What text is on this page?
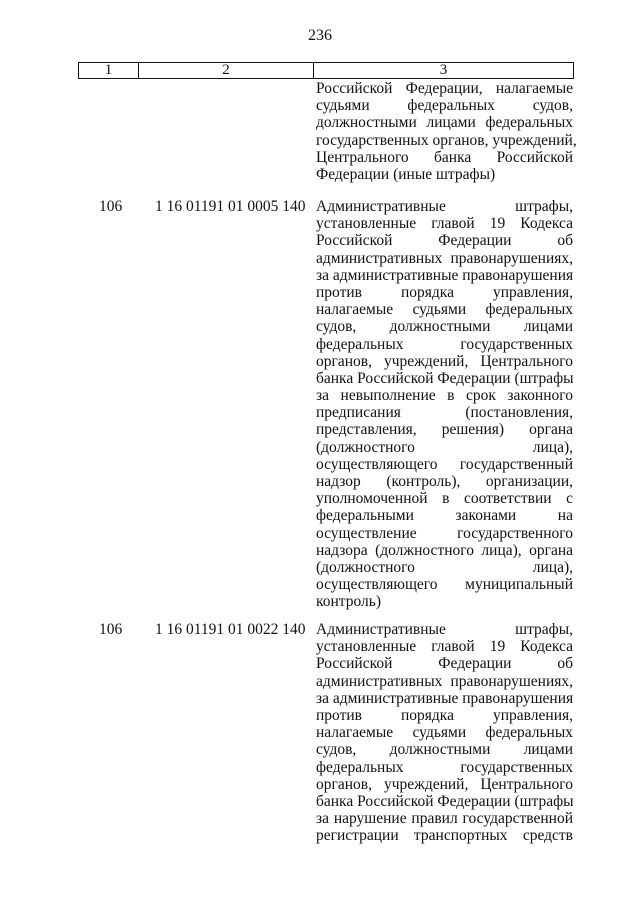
236
1	2	3
Российской Федерации, налагаемые
судьями федеральных судов,
должностными лицами федеральных
государственных органов, учреждений,
Центрального банка Российской
Федерации (иные штрафы)
106 1 16 01191 01 0005 140 Административные штрафы,
установленные главой 19 Кодекса
Российской Федерации об
административных правонарушениях,
за административные правонарушения
против порядка управления,
налагаемые судьями федеральных
судов, должностными лицами
федеральных государственных
органов, учреждений, Центрального
банка Российской Федерации (штрафы
за невыполнение в срок законного
предписания (постановления,
представления, решения) органа
(должностного лица),
осуществляющего государственный
надзор (контроль), организации,
уполномоченной в соответствии с
федеральными законами на
осуществление государственного
надзора (должностного лица), органа
(должностного лица),
осуществляющего муниципальный
контроль)
106 1 16 01191 01 0022 140 Административные штрафы,
установленные главой 19 Кодекса
Российской Федерации об
административных правонарушениях,
за административные правонарушения
против порядка управления,
налагаемые судьями федеральных
судов, должностными лицами
федеральных государственных
органов, учреждений, Центрального
банка Российской Федерации (штрафы
за нарушение правил государственной
регистрации транспортных средств
